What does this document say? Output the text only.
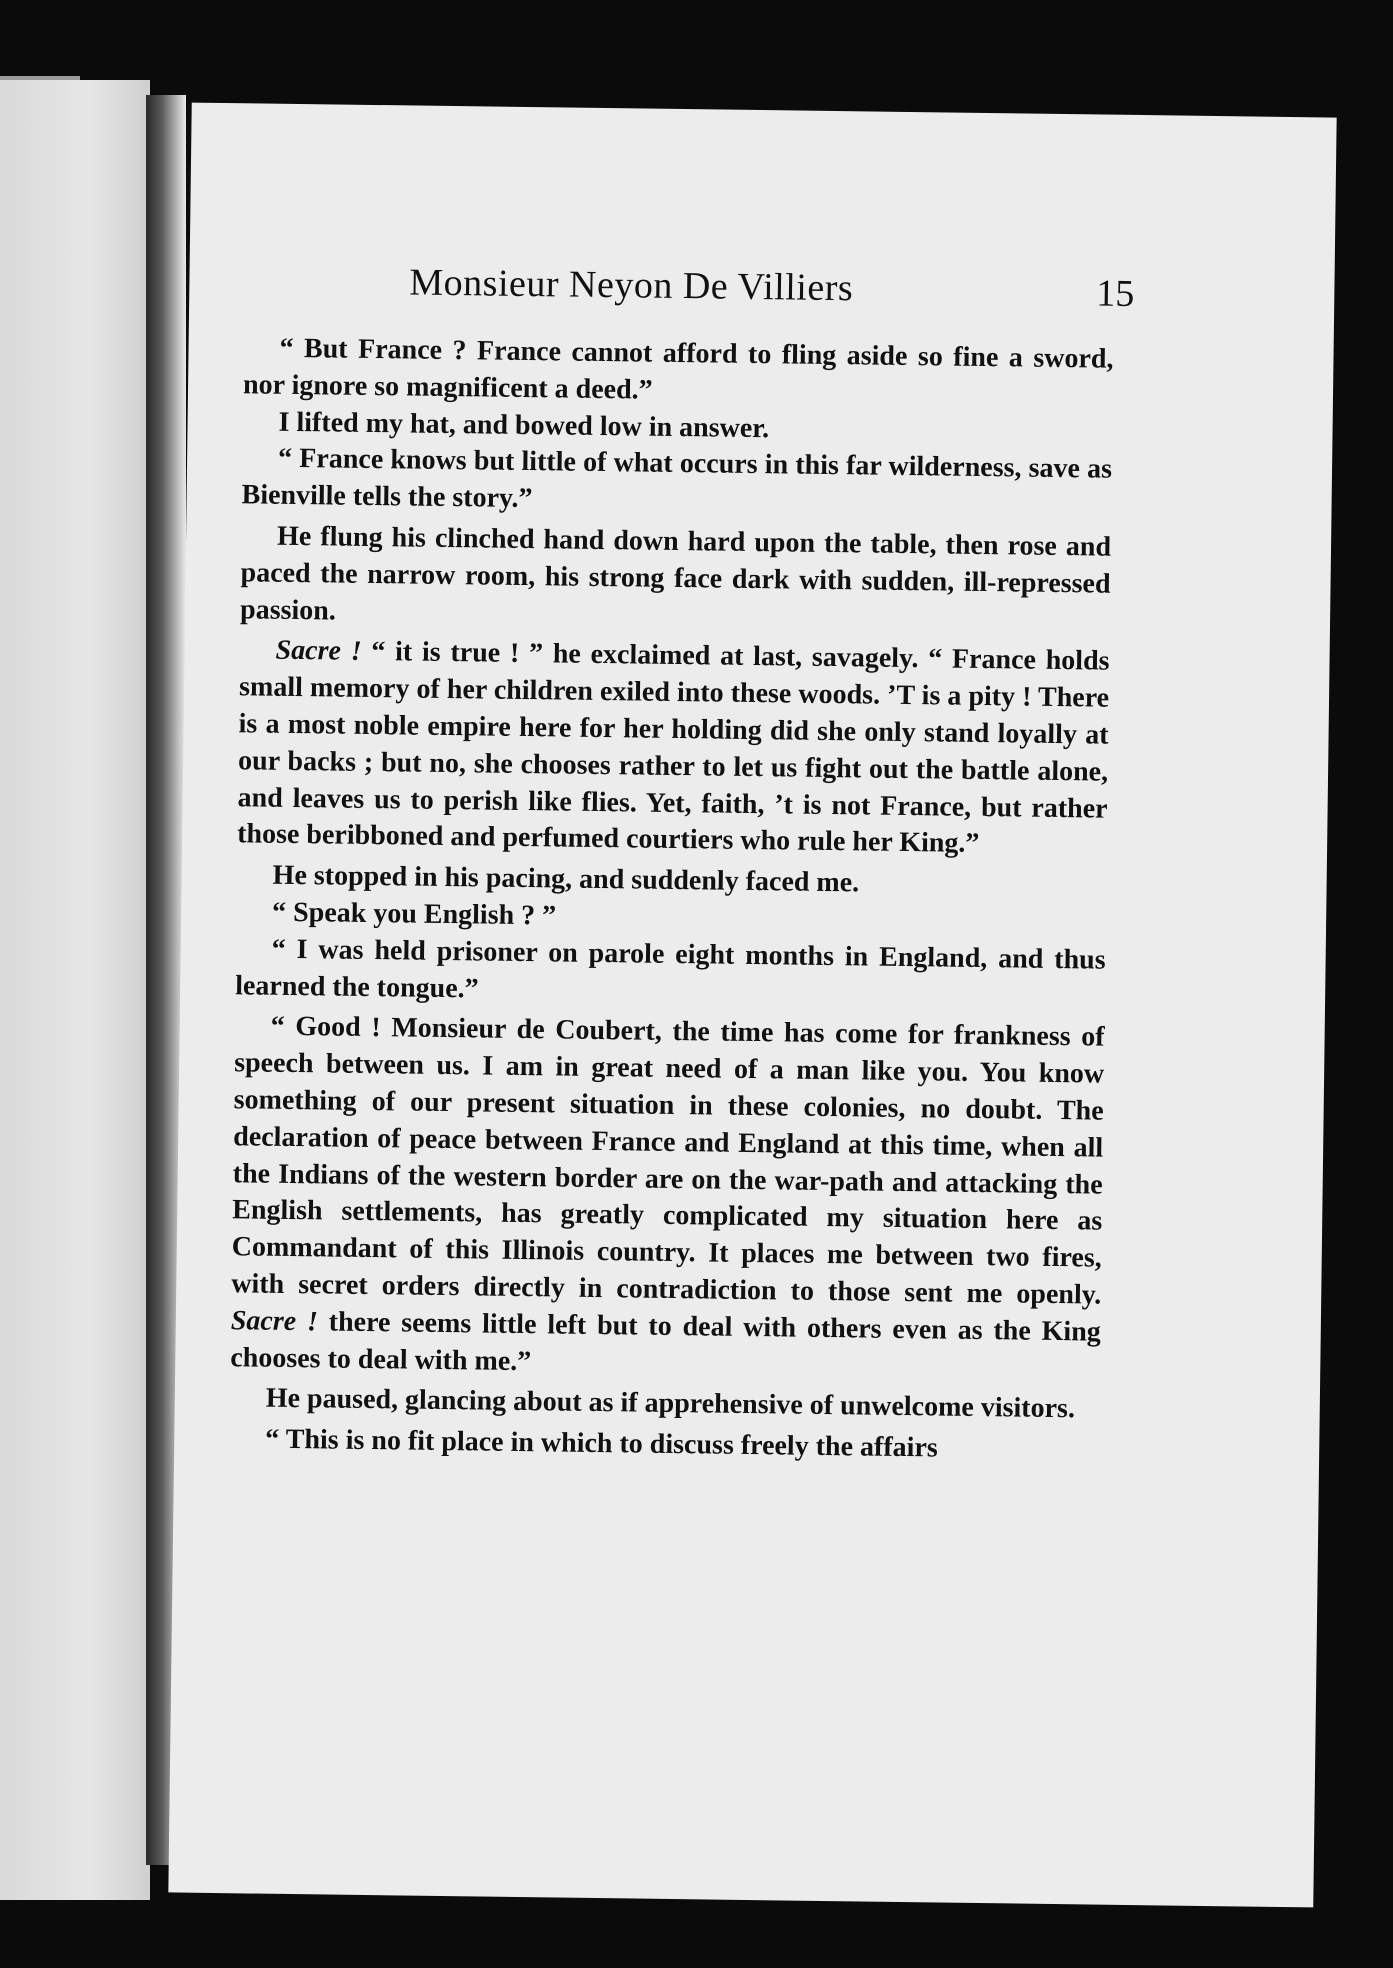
Monsieur Neyon De Villiers	15

“ But France ? France cannot afford to fling aside so fine a sword, nor ignore so magnificent a deed.”

I lifted my hat, and bowed low in answer.

“ France knows but little of what occurs in this far wilderness, save as Bienville tells the story.”

He flung his clinched hand down hard upon the table, then rose and paced the narrow room, his strong face dark with sudden, ill-repressed passion.

Sacre ! “ it is true ! ” he exclaimed at last, savagely. “ France holds small memory of her children exiled into these woods. ’T is a pity ! There is a most noble empire here for her holding did she only stand loyally at our backs ; but no, she chooses rather to let us fight out the battle alone, and leaves us to perish like flies. Yet, faith, ’t is not France, but rather those beribboned and perfumed courtiers who rule her King.”

He stopped in his pacing, and suddenly faced me.

“ Speak you English ? ”

“ I was held prisoner on parole eight months in England, and thus learned the tongue.”

“ Good ! Monsieur de Coubert, the time has come for frankness of speech between us. I am in great need of a man like you. You know something of our present situation in these colonies, no doubt. The declaration of peace between France and England at this time, when all the Indians of the western border are on the war-path and attacking the English settlements, has greatly complicated my situation here as Commandant of this Illinois country. It places me between two fires, with secret orders directly in contradiction to those sent me openly. Sacre ! there seems little left but to deal with others even as the King chooses to deal with me.”

He paused, glancing about as if apprehensive of unwelcome visitors.

“ This is no fit place in which to discuss freely the affairs
